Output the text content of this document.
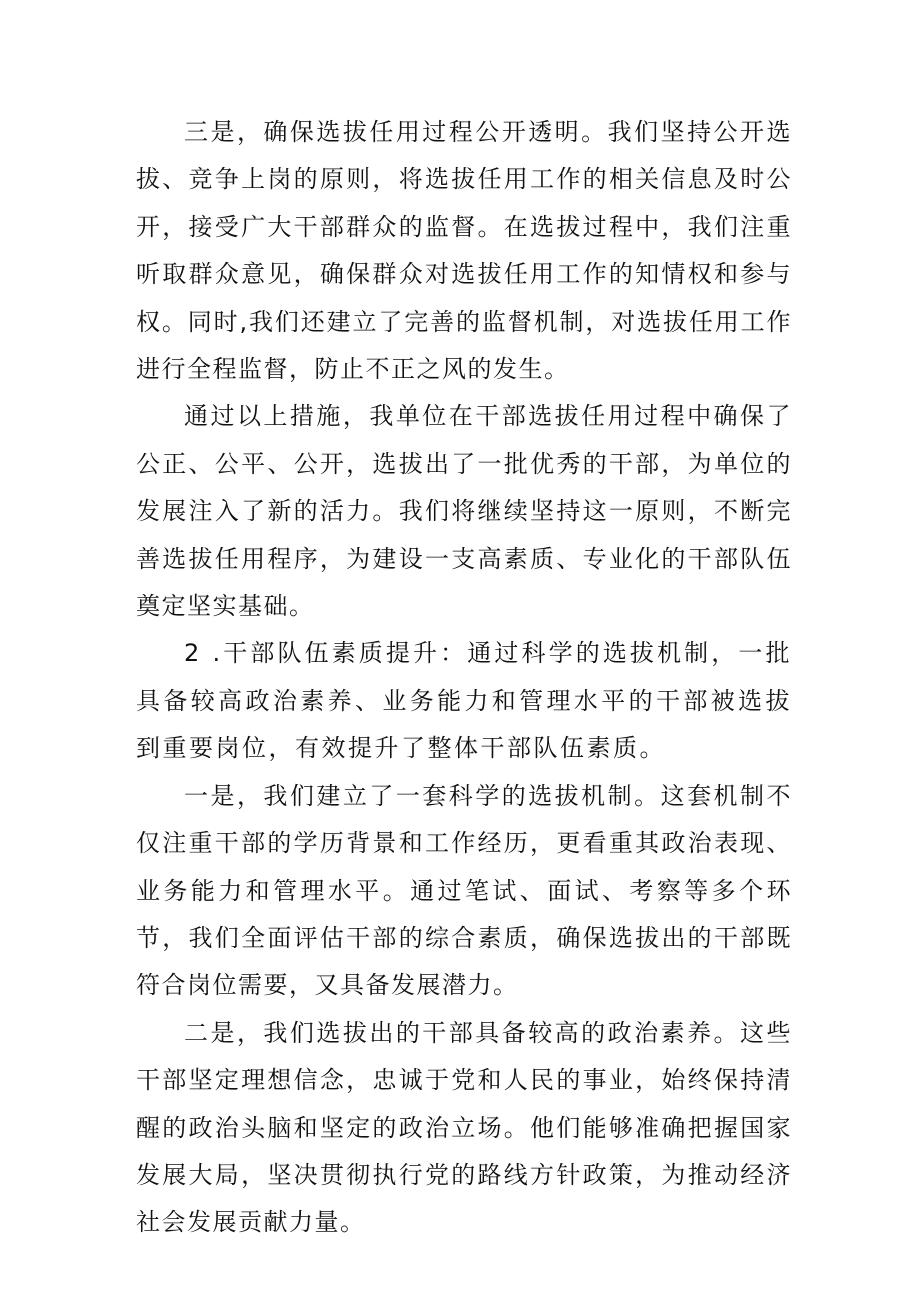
三是，确保选拔任用过程公开透明。我们坚持公开选拔、竞争上岗的原则，将选拔任用工作的相关信息及时公开，接受广大干部群众的监督。在选拔过程中，我们注重听取群众意见，确保群众对选拔任用工作的知情权和参与权。同时,我们还建立了完善的监督机制，对选拔任用工作进行全程监督，防止不正之风的发生。

通过以上措施，我单位在干部选拔任用过程中确保了公正、公平、公开，选拔出了一批优秀的干部，为单位的发展注入了新的活力。我们将继续坚持这一原则，不断完善选拔任用程序，为建设一支高素质、专业化的干部队伍奠定坚实基础。

2 .干部队伍素质提升：通过科学的选拔机制，一批具备较高政治素养、业务能力和管理水平的干部被选拔到重要岗位，有效提升了整体干部队伍素质。

一是，我们建立了一套科学的选拔机制。这套机制不仅注重干部的学历背景和工作经历，更看重其政治表现、业务能力和管理水平。通过笔试、面试、考察等多个环节，我们全面评估干部的综合素质，确保选拔出的干部既符合岗位需要，又具备发展潜力。

二是，我们选拔出的干部具备较高的政治素养。这些干部坚定理想信念，忠诚于党和人民的事业，始终保持清醒的政治头脑和坚定的政治立场。他们能够准确把握国家发展大局，坚决贯彻执行党的路线方针政策，为推动经济社会发展贡献力量。
